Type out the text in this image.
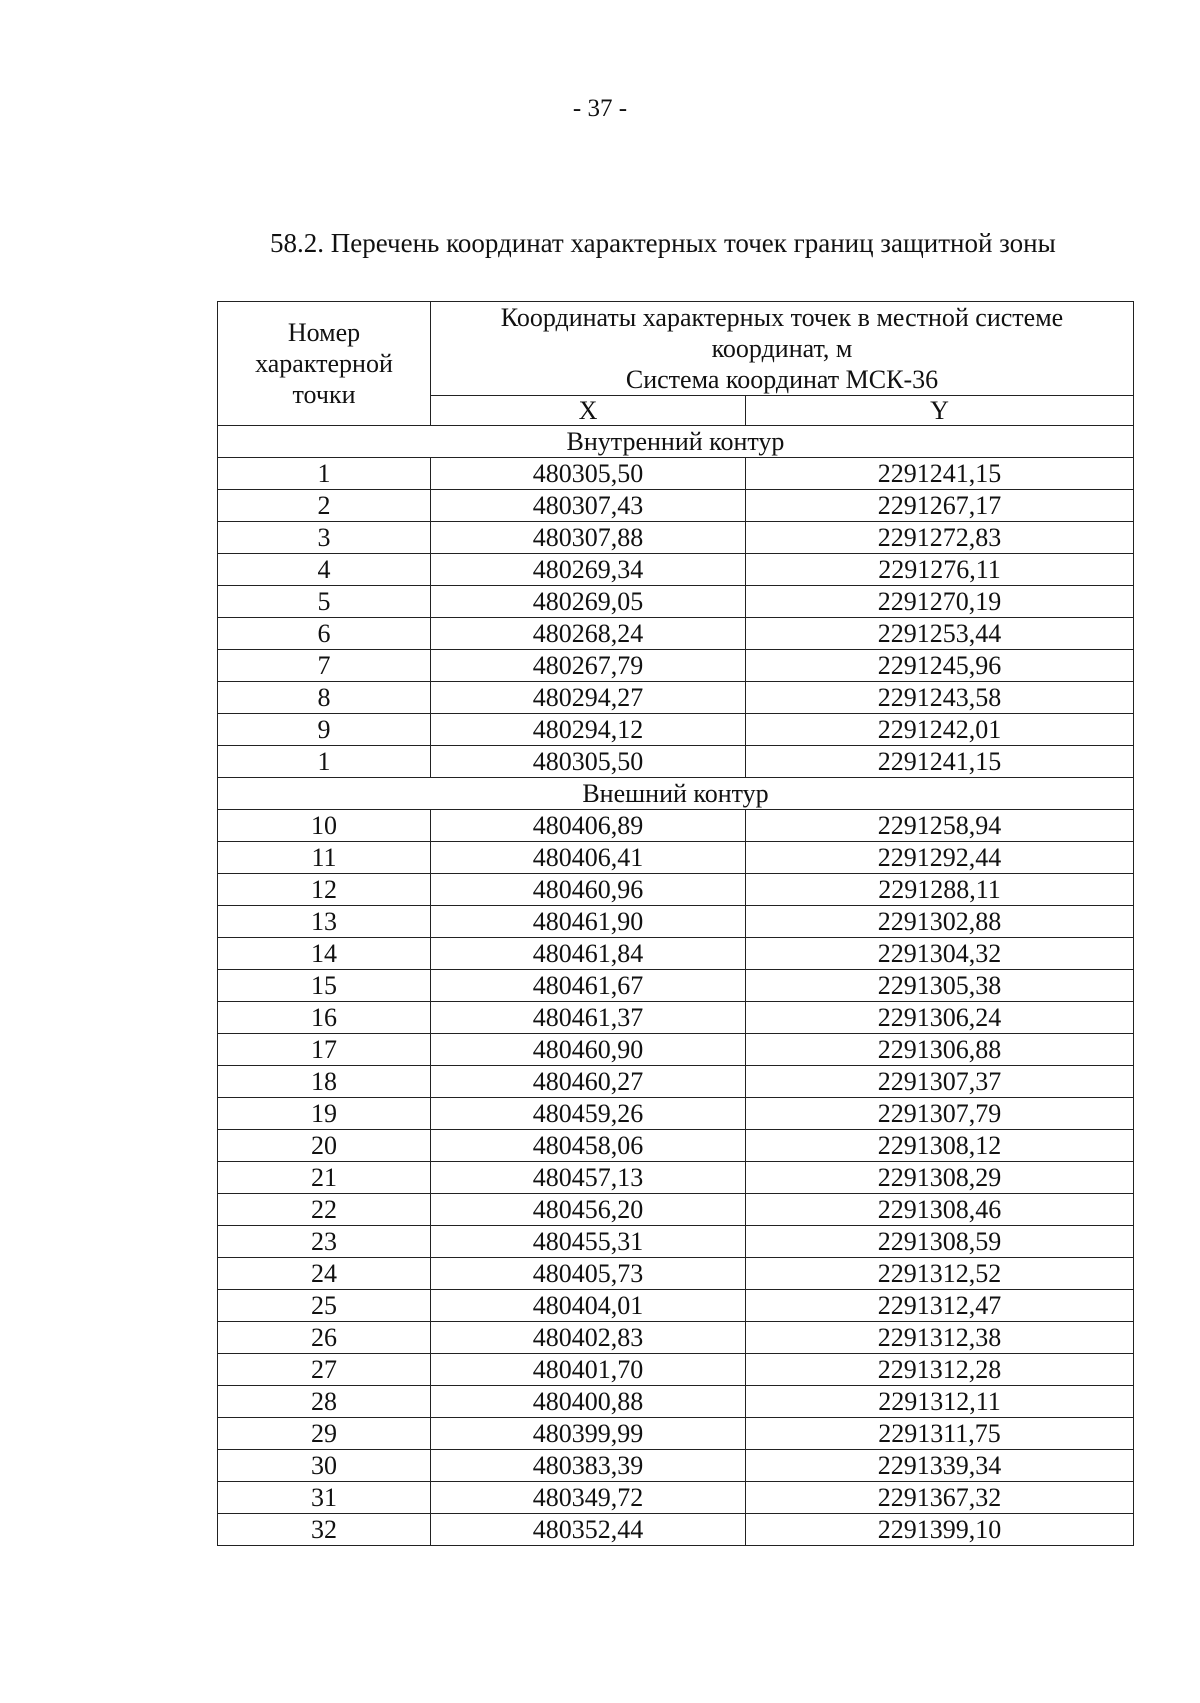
- 37 -
58.2. Перечень координат характерных точек границ защитной зоны
Номер
характерной
точки	Координаты характерных точек в местной системе
координат, м
Система координат МСК-36	

	X	Y
Внутренний контур		
1	480305,50	2291241,15
2	480307,43	2291267,17
3	480307,88	2291272,83
4	480269,34	2291276,11
5	480269,05	2291270,19
6	480268,24	2291253,44
7	480267,79	2291245,96
8	480294,27	2291243,58
9	480294,12	2291242,01
1	480305,50	2291241,15
Внешний контур		
10	480406,89	2291258,94
11	480406,41	2291292,44
12	480460,96	2291288,11
13	480461,90	2291302,88
14	480461,84	2291304,32
15	480461,67	2291305,38
16	480461,37	2291306,24
17	480460,90	2291306,88
18	480460,27	2291307,37
19	480459,26	2291307,79
20	480458,06	2291308,12
21	480457,13	2291308,29
22	480456,20	2291308,46
23	480455,31	2291308,59
24	480405,73	2291312,52
25	480404,01	2291312,47
26	480402,83	2291312,38
27	480401,70	2291312,28
28	480400,88	2291312,11
29	480399,99	2291311,75
30	480383,39	2291339,34
31	480349,72	2291367,32
32	480352,44	2291399,10
